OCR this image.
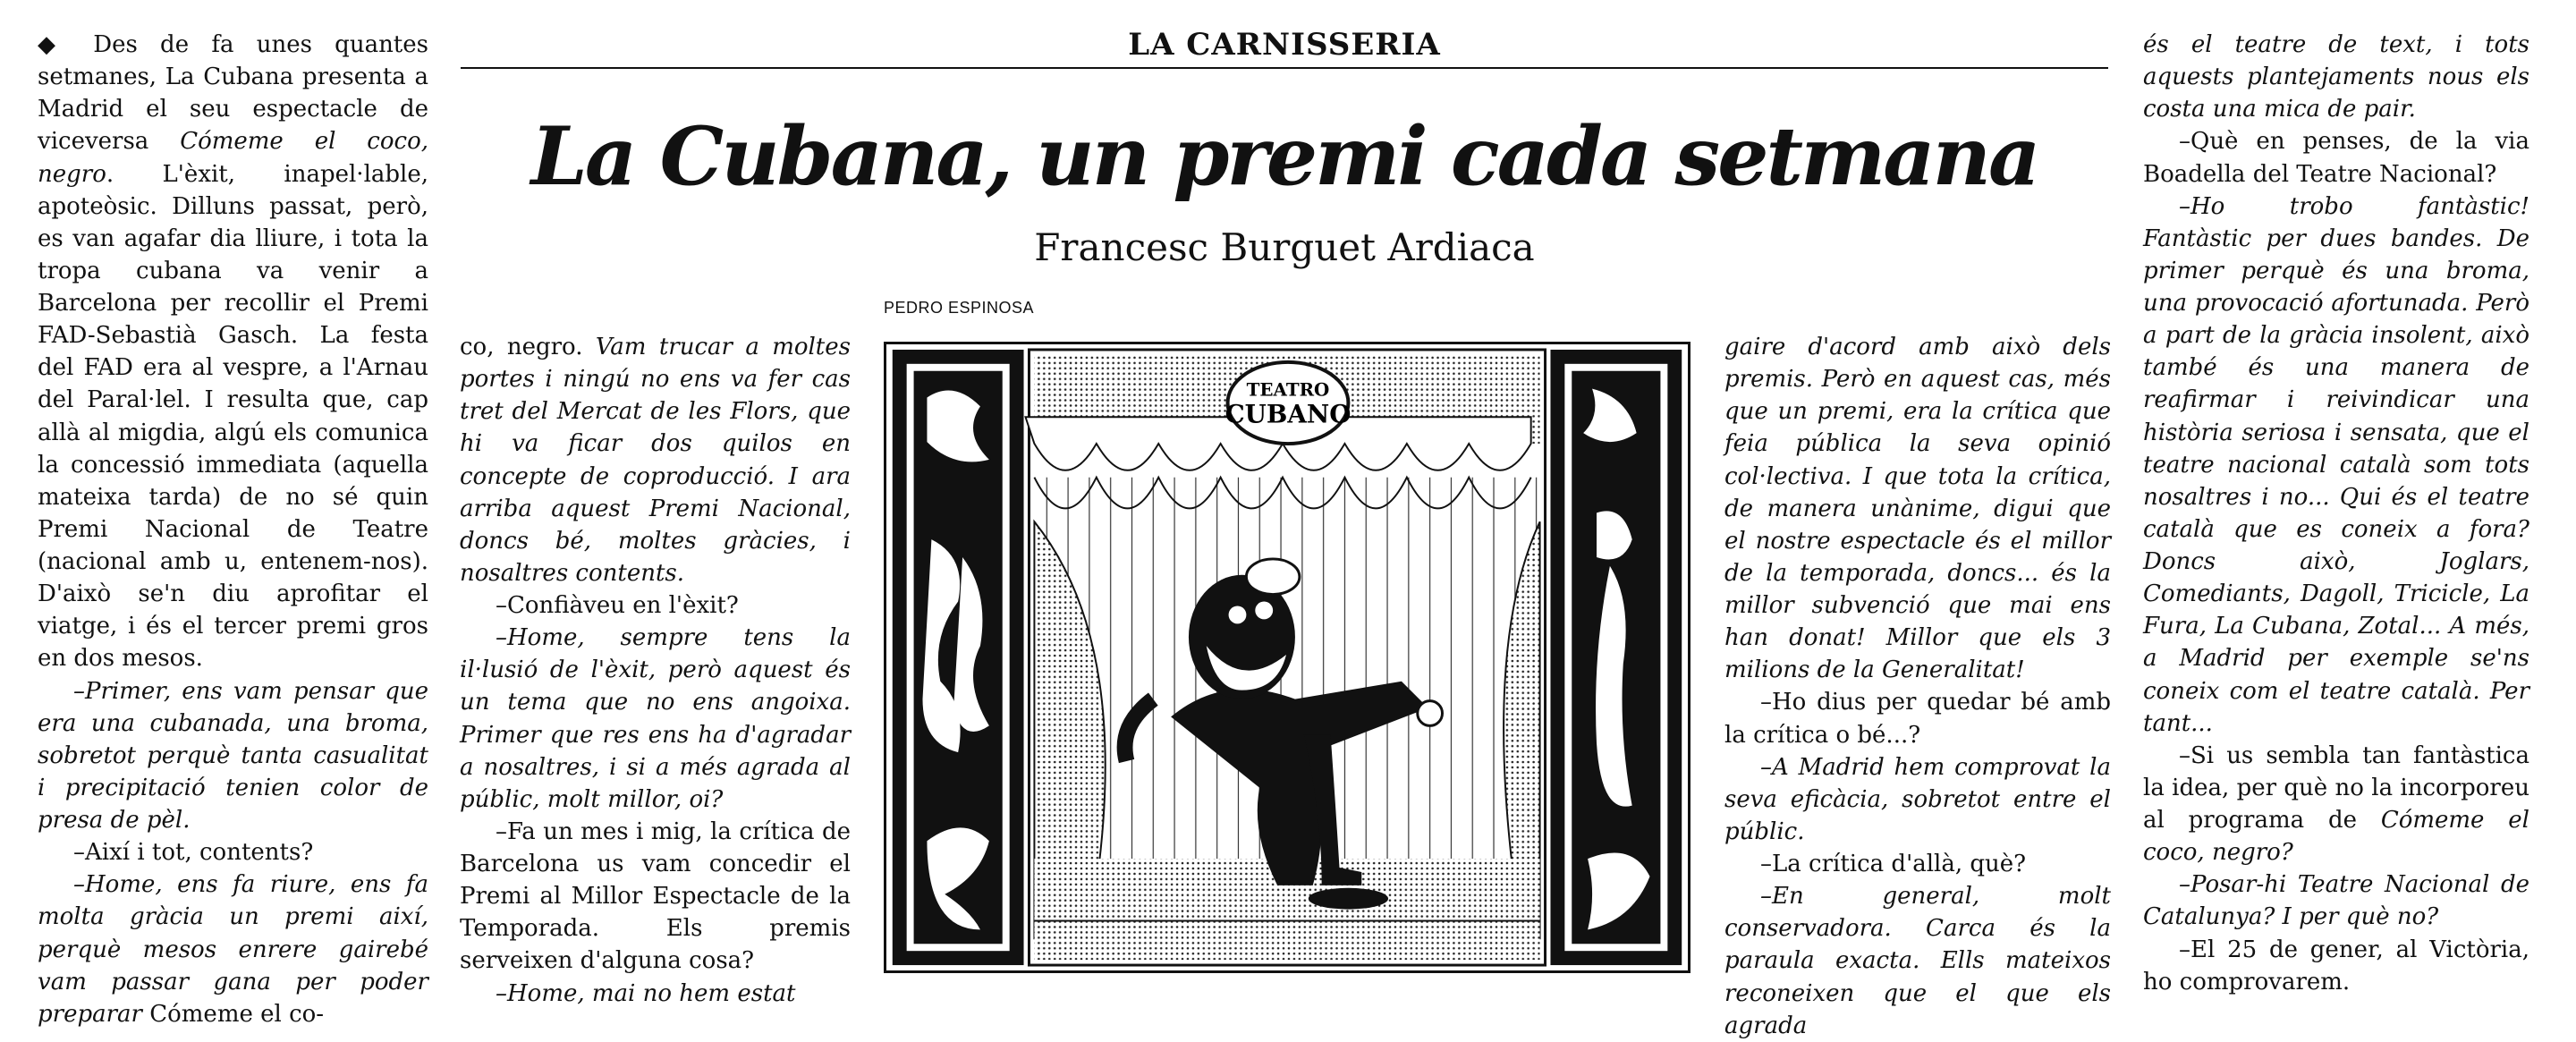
LA CARNISSERIA
La Cubana, un premi cada setmana
Francesc Burguet Ardiaca
PEDRO ESPINOSA
TEATRO
CUBANO

◆ Des de fa unes quantes setmanes, La Cubana presenta a Madrid el seu espectacle de viceversa Cómeme el coco, negro. L'èxit, inapel·lable, apoteòsic. Dilluns passat, però, es van agafar dia lliure, i tota la tropa cubana va venir a Barcelona per recollir el Premi FAD-Sebastià Gasch. La festa del FAD era al vespre, a l'Arnau del Paral·lel. I resulta que, cap allà al migdia, algú els comunica la concessió immediata (aquella mateixa tarda) de no sé quin Premi Nacional de Teatre (nacional amb u, entenem-nos). D'això se'n diu aprofitar el viatge, i és el tercer premi gros en dos mesos.

–Primer, ens vam pensar que era una cubanada, una broma, sobretot perquè tanta casualitat i precipitació tenien color de presa de pèl.

–Així i tot, contents?

–Home, ens fa riure, ens fa molta gràcia un premi així, perquè mesos enrere gairebé vam passar gana per poder preparar Cómeme el co-

co, negro. Vam trucar a moltes portes i ningú no ens va fer cas tret del Mercat de les Flors, que hi va ficar dos quilos en concepte de coproducció. I ara arriba aquest Premi Nacional, doncs bé, moltes gràcies, i nosaltres contents.

–Confiàveu en l'èxit?

–Home, sempre tens la il·lusió de l'èxit, però aquest és un tema que no ens angoixa. Primer que res ens ha d'agradar a nosaltres, i si a més agrada al públic, molt millor, oi?

–Fa un mes i mig, la crítica de Barcelona us vam concedir el Premi al Millor Espectacle de la Temporada. Els premis serveixen d'alguna cosa?

–Home, mai no hem estat

gaire d'acord amb això dels premis. Però en aquest cas, més que un premi, era la crítica que feia pública la seva opinió col·lectiva. I que tota la crítica, de manera unànime, digui que el nostre espectacle és el millor de la temporada, doncs... és la millor subvenció que mai ens han donat! Millor que els 3 milions de la Generalitat!

–Ho dius per quedar bé amb la crítica o bé...?

–A Madrid hem comprovat la seva eficàcia, sobretot entre el públic.

–La crítica d'allà, què?

–En general, molt conservadora. Carca és la paraula exacta. Ells mateixos reconeixen que el que els agrada

és el teatre de text, i tots aquests plantejaments nous els costa una mica de pair.

–Què en penses, de la via Boadella del Teatre Nacional?

–Ho trobo fantàstic! Fantàstic per dues bandes. De primer perquè és una broma, una provocació afortunada. Però a part de la gràcia insolent, això també és una manera de reafirmar i reivindicar una història seriosa i sensata, que el teatre nacional català som tots nosaltres i no... Qui és el teatre català que es coneix a fora? Doncs això, Joglars, Comediants, Dagoll, Tricicle, La Fura, La Cubana, Zotal... A més, a Madrid per exemple se'ns coneix com el teatre català. Per tant...

–Si us sembla tan fantàstica la idea, per què no la incorporeu al programa de Cómeme el coco, negro?

–Posar-hi Teatre Nacional de Catalunya? I per què no?

–El 25 de gener, al Victòria, ho comprovarem.
